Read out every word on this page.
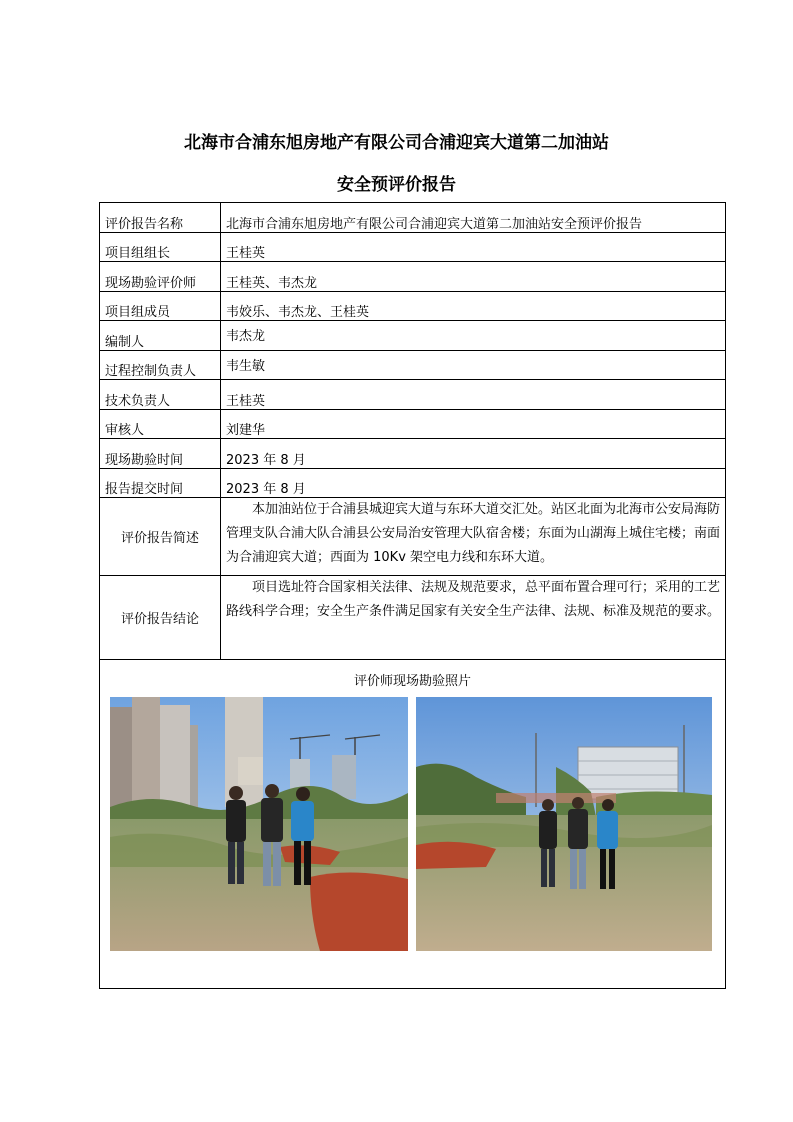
北海市合浦东旭房地产有限公司合浦迎宾大道第二加油站
安全预评价报告
评价报告名称	北海市合浦东旭房地产有限公司合浦迎宾大道第二加油站安全预评价报告
项目组组长	王桂英
现场勘验评价师	王桂英、韦杰龙
项目组成员	韦姣乐、韦杰龙、王桂英
编制人	韦杰龙
过程控制负责人	韦生敏
技术负责人	王桂英
审核人	刘建华
现场勘验时间	2023 年 8 月
报告提交时间	2023 年 8 月
评价报告简述	本加油站位于合浦县城迎宾大道与东环大道交汇处。站区北面为北海市公安局海防管理支队合浦大队合浦县公安局治安管理大队宿舍楼；东面为山湖海上城住宅楼；南面为合浦迎宾大道；西面为 10Kv 架空电力线和东环大道。
评价报告结论	项目选址符合国家相关法律、法规及规范要求，总平面布置合理可行；采用的工艺路线科学合理；安全生产条件满足国家有关安全生产法律、法规、标准及规范的要求。

评价师现场勘验照片	
